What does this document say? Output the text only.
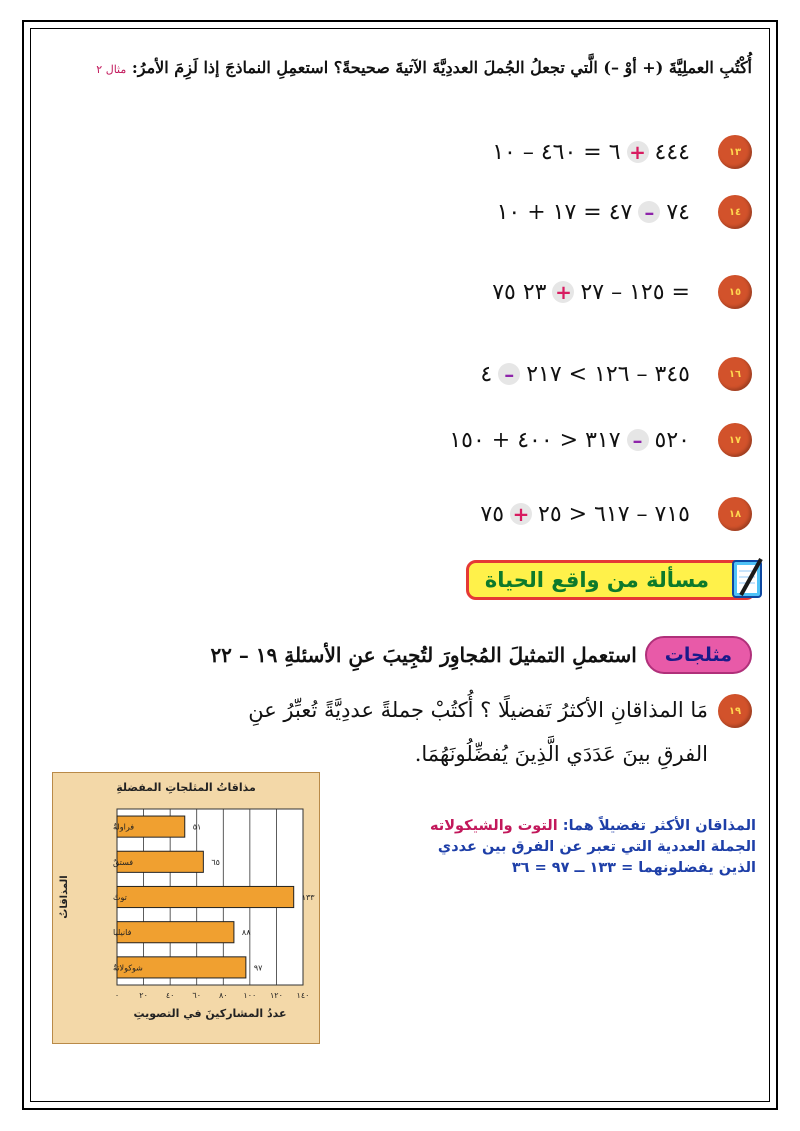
أُكْتُبِ العملِيَّةَ (+ أوْ –) الَّتي تجعلُ الجُملَ العددِيَّةَ الآتيةَ صحيحةً؟ استعمِلِ النماذجَ إذا لَزِمَ الأمرُ: مثال ٢
١٣
٤٤٤
+
٦ = ٤٦٠ – ١٠
١٤
٧٤
–
٤٧ = ١٧ + ١٠
١٥
١٢٥ – ٢٧ =
+
٢٣ ٧٥
١٦
٣٤٥ – ١٢٦ > ٢١٧
–
٤
١٧
٥٢٠
–
٣١٧ < ٤٠٠ + ١٥٠
١٨
٧١٥ – ٦١٧ < ٢٥
+
٧٥
مسألة من واقع الحياة
مثلجات
استعملِ التمثيلَ المُجاوِرَ لتُجِيبَ عنِ الأسئلةِ ١٩ – ٢٢
١٩
مَا المذاقانِ الأكثرُ تَفضيلًا ؟ أُكتُبْ جملةً عددِيَّةً تُعبِّرُ عنِ
الفرقِ بينَ عَدَدَي الَّذِينَ يُفضِّلُونَهُمَا.
المذاقان الأكثر تفضيلاً هما: التوت والشيكولاته
الجملة العددية التي تعبر عن الفرق بين عددي
الذين يفضلونهما = ١٣٣ ــ ٩٧ = ٣٦
مذاقاتُ المثلجاتِ المفضلةِ
٠	٢٠ ٤٠ ٦٠ ٨٠ ١٠٠ ١٢٠ ١٤٠
٥١
فراولةٌ
٦٥
فستقٌ
١٣٣
توتٌ
٨٨
فانيليا
٩٧
شوكولاتةٌ
المذاقاتُ
عددُ المشاركينَ في التصويتِ
